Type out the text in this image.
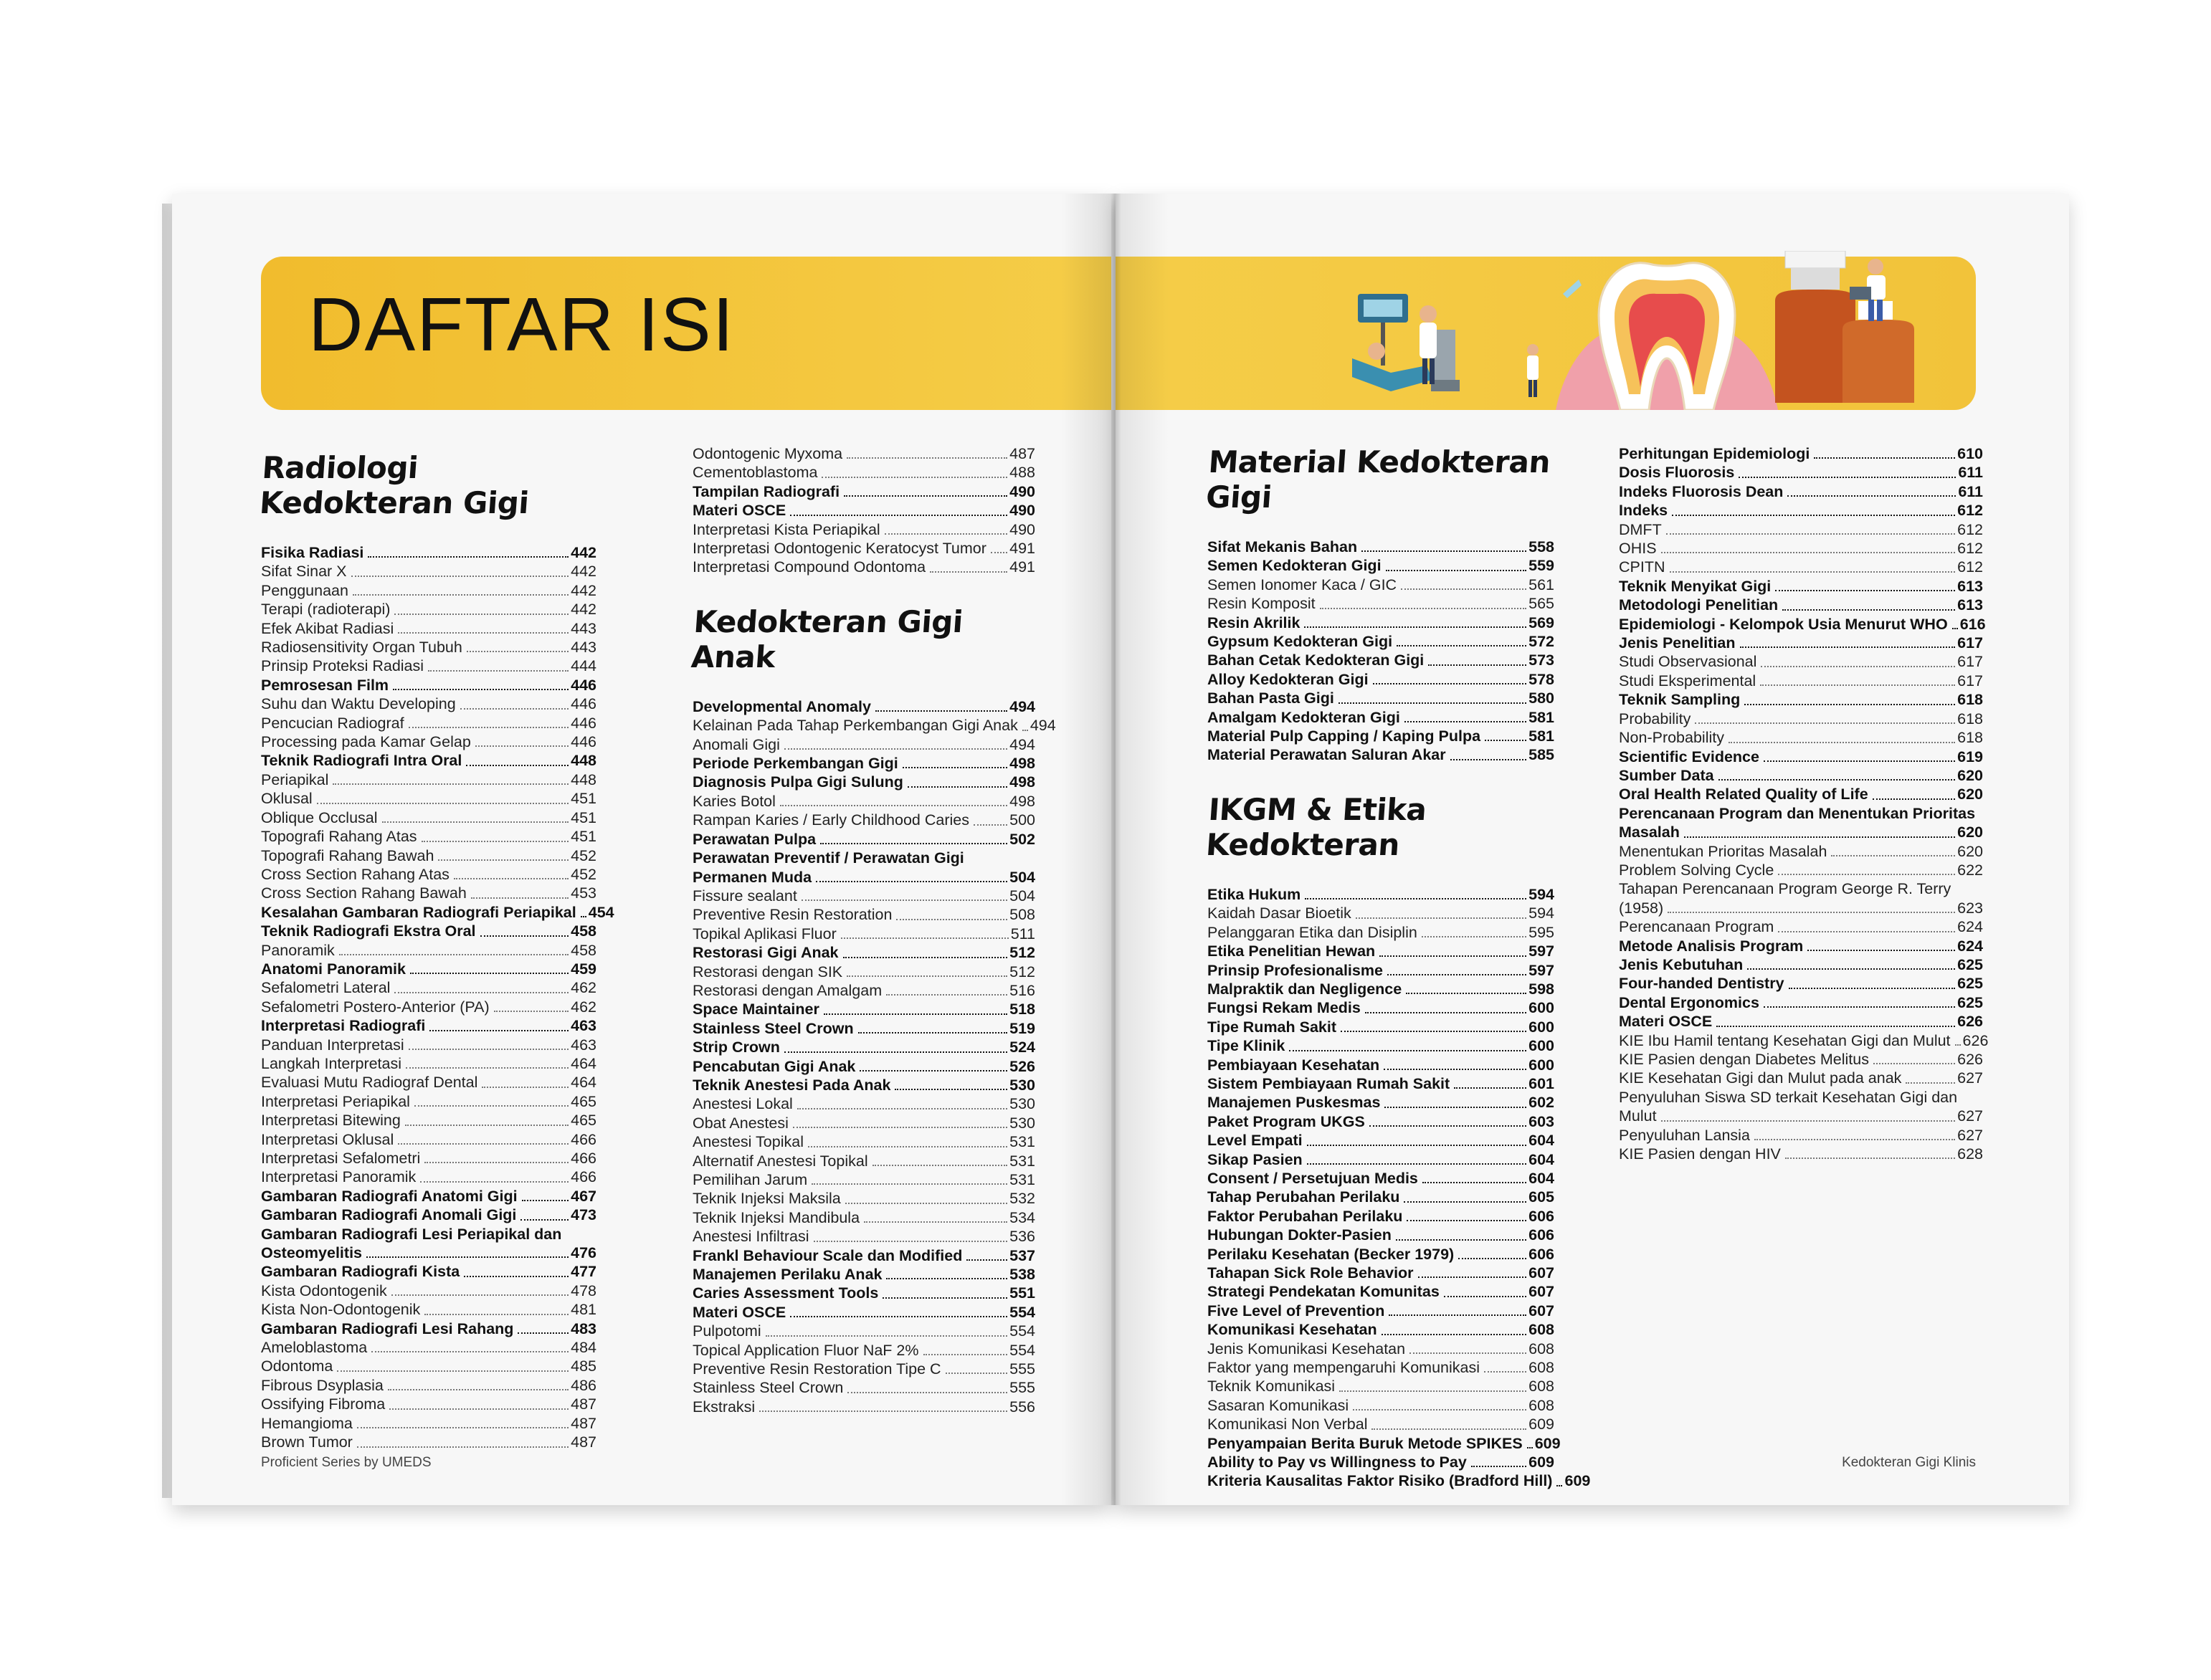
DAFTAR ISI
Radiologi Kedokteran Gigi
Fisika Radiasi	442
Sifat Sinar X	442
Penggunaan	442
Terapi (radioterapi)	442
Efek Akibat Radiasi	443
Radiosensitivity Organ Tubuh	443
Prinsip Proteksi Radiasi	444
Pemrosesan Film	446
Suhu dan Waktu Developing	446
Pencucian Radiograf	446
Processing pada Kamar Gelap	446
Teknik Radiografi Intra Oral	448
Periapikal	448
Oklusal	451
Oblique Occlusal	451
Topografi Rahang Atas	451
Topografi Rahang Bawah	452
Cross Section Rahang Atas	452
Cross Section Rahang Bawah	453
Kesalahan Gambaran Radiografi Periapikal 454
Teknik Radiografi Ekstra Oral	458
Panoramik	458
Anatomi Panoramik	459
Sefalometri Lateral	462
Sefalometri Postero-Anterior (PA)	462
Interpretasi Radiografi	463
Panduan Interpretasi	463
Langkah Interpretasi	464
Evaluasi Mutu Radiograf Dental	464
Interpretasi Periapikal	465
Interpretasi Bitewing	465
Interpretasi Oklusal	466
Interpretasi Sefalometri	466
Interpretasi Panoramik	466
Gambaran Radiografi Anatomi Gigi	467
Gambaran Radiografi Anomali Gigi	473
Gambaran Radiografi Lesi Periapikal dan
Osteomyelitis	476
Gambaran Radiografi Kista	477
Kista Odontogenik	478
Kista Non-Odontogenik	481
Gambaran Radiografi Lesi Rahang	483
Ameloblastoma	484
Odontoma	485
Fibrous Dsyplasia	486
Ossifying Fibroma	487
Hemangioma	487
Brown Tumor	487
Odontogenic Myxoma	487
Cementoblastoma	488
Tampilan Radiografi	490
Materi OSCE	490
Interpretasi Kista Periapikal	490
Interpretasi Odontogenic Keratocyst Tumor 491
Interpretasi Compound Odontoma	491
Kedokteran Gigi Anak
Developmental Anomaly	494
Kelainan Pada Tahap Perkembangan Gigi Anak 494
Anomali Gigi	494
Periode Perkembangan Gigi	498
Diagnosis Pulpa Gigi Sulung	498
Karies Botol	498
Rampan Karies / Early Childhood Caries	500
Perawatan Pulpa	502
Perawatan Preventif / Perawatan Gigi
Permanen Muda	504
Fissure sealant	504
Preventive Resin Restoration	508
Topikal Aplikasi Fluor	511
Restorasi Gigi Anak	512
Restorasi dengan SIK	512
Restorasi dengan Amalgam	516
Space Maintainer	518
Stainless Steel Crown	519
Strip Crown	524
Pencabutan Gigi Anak	526
Teknik Anestesi Pada Anak	530
Anestesi Lokal	530
Obat Anestesi	530
Anestesi Topikal	531
Alternatif Anestesi Topikal	531
Pemilihan Jarum	531
Teknik Injeksi Maksila	532
Teknik Injeksi Mandibula	534
Anestesi Infiltrasi	536
Frankl Behaviour Scale dan Modified	537
Manajemen Perilaku Anak	538
Caries Assessment Tools	551
Materi OSCE	554
Pulpotomi	554
Topical Application Fluor NaF 2%	554
Preventive Resin Restoration Tipe C	555
Stainless Steel Crown	555
Ekstraksi	556
Material Kedokteran Gigi
Sifat Mekanis Bahan	558
Semen Kedokteran Gigi	559
Semen Ionomer Kaca / GIC	561
Resin Komposit	565
Resin Akrilik	569
Gypsum Kedokteran Gigi	572
Bahan Cetak Kedokteran Gigi	573
Alloy Kedokteran Gigi	578
Bahan Pasta Gigi	580
Amalgam Kedokteran Gigi	581
Material Pulp Capping / Kaping Pulpa	581
Material Perawatan Saluran Akar	585
IKGM & Etika Kedokteran
Etika Hukum	594
Kaidah Dasar Bioetik	594
Pelanggaran Etika dan Disiplin	595
Etika Penelitian Hewan	597
Prinsip Profesionalisme	597
Malpraktik dan Negligence	598
Fungsi Rekam Medis	600
Tipe Rumah Sakit	600
Tipe Klinik	600
Pembiayaan Kesehatan	600
Sistem Pembiayaan Rumah Sakit	601
Manajemen Puskesmas	602
Paket Program UKGS	603
Level Empati	604
Sikap Pasien	604
Consent / Persetujuan Medis	604
Tahap Perubahan Perilaku	605
Faktor Perubahan Perilaku	606
Hubungan Dokter-Pasien	606
Perilaku Kesehatan (Becker 1979)	606
Tahapan Sick Role Behavior	607
Strategi Pendekatan Komunitas	607
Five Level of Prevention	607
Komunikasi Kesehatan	608
Jenis Komunikasi Kesehatan	608
Faktor yang mempengaruhi Komunikasi	608
Teknik Komunikasi	608
Sasaran Komunikasi	608
Komunikasi Non Verbal	609
Penyampaian Berita Buruk Metode SPIKES 609
Ability to Pay vs Willingness to Pay	609
Kriteria Kausalitas Faktor Risiko (Bradford Hill) 609
Perhitungan Epidemiologi	610
Dosis Fluorosis	611
Indeks Fluorosis Dean	611
Indeks	612
DMFT	612
OHIS	612
CPITN	612
Teknik Menyikat Gigi	613
Metodologi Penelitian	613
Epidemiologi - Kelompok Usia Menurut WHO 616
Jenis Penelitian	617
Studi Observasional	617
Studi Eksperimental	617
Teknik Sampling	618
Probability	618
Non-Probability	618
Scientific Evidence	619
Sumber Data	620
Oral Health Related Quality of Life	620
Perencanaan Program dan Menentukan Prioritas
Masalah	620
Menentukan Prioritas Masalah	620
Problem Solving Cycle	622
Tahapan Perencanaan Program George R. Terry
(1958)	623
Perencanaan Program	624
Metode Analisis Program	624
Jenis Kebutuhan	625
Four-handed Dentistry	625
Dental Ergonomics	625
Materi OSCE	626
KIE Ibu Hamil tentang Kesehatan Gigi dan Mulut 626
KIE Pasien dengan Diabetes Melitus	626
KIE Kesehatan Gigi dan Mulut pada anak	627
Penyuluhan Siswa SD terkait Kesehatan Gigi dan
Mulut	627
Penyuluhan Lansia	627
KIE Pasien dengan HIV	628
Proficient Series by UMEDS	Kedokteran Gigi Klinis
